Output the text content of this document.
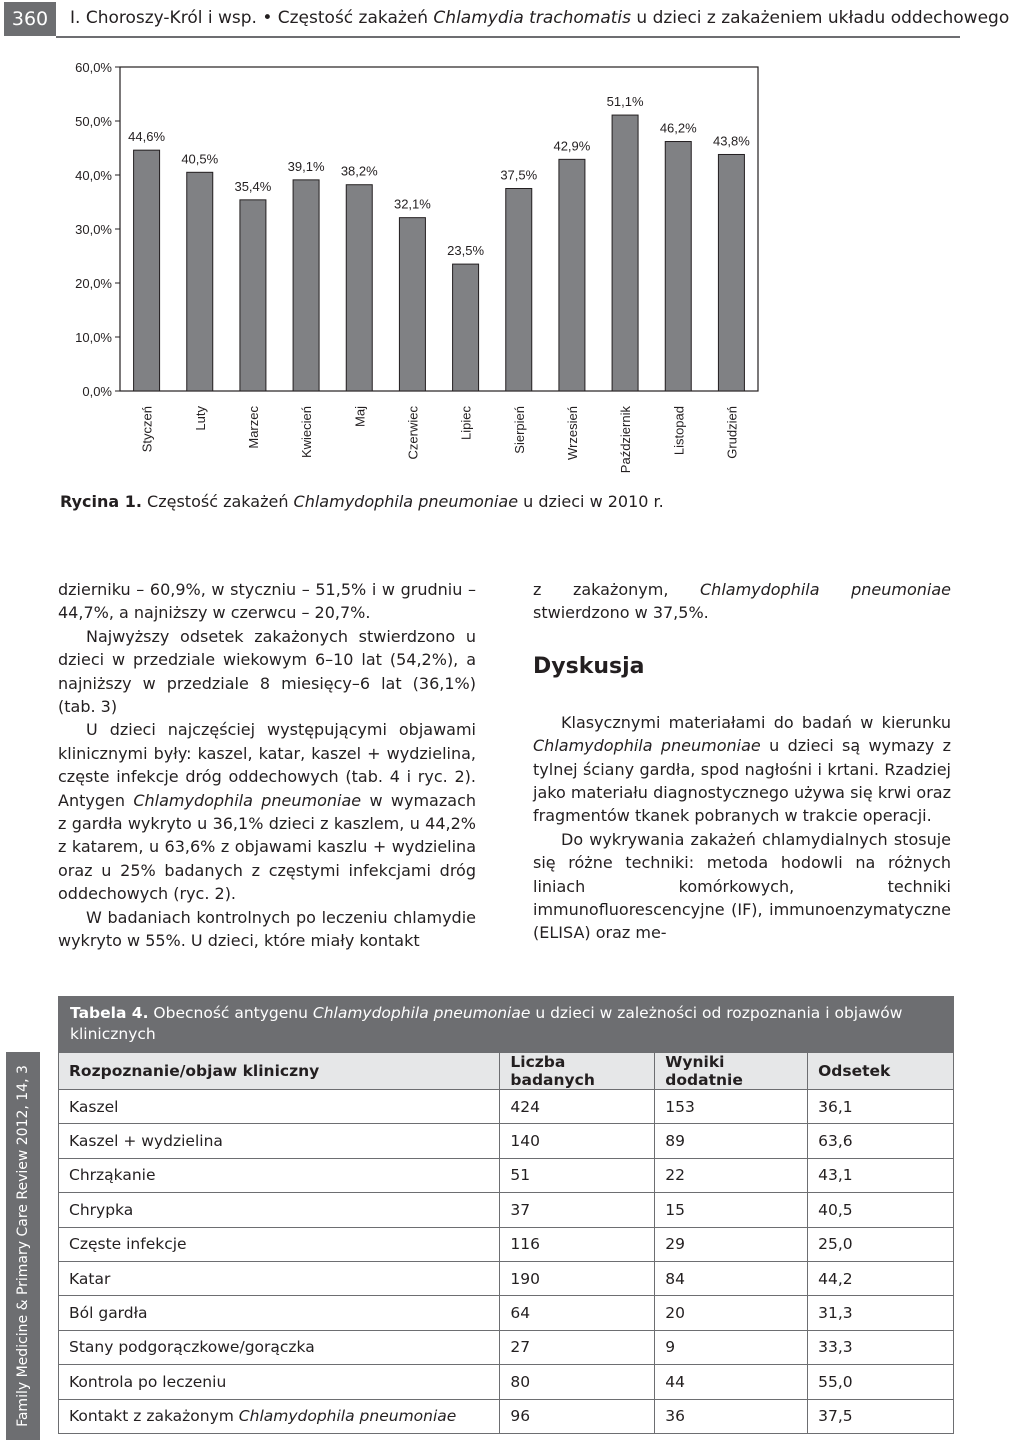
360	I. Choroszy-Król i wsp. • Częstość zakażeń Chlamydia trachomatis u dzieci z zakażeniem układu oddechowego
0,0%
10,0%
20,0%
30,0%
40,0%
50,0%
60,0%
44,6%
Styczeń
40,5%
Luty
35,4%
Marzec
39,1%
Kwiecień
38,2%
Maj
32,1%
Czerwiec
23,5%
Lipiec
37,5%
Sierpień
42,9%
Wrzesień
51,1%
Październik
46,2%
Listopad
43,8%
Grudzień
Rycina 1. Częstość zakażeń Chlamydophila pneumoniae u dzieci w 2010 r.

dzierniku – 60,9%, w styczniu – 51,5% i w grudniu – 44,7%, a najniższy w czerwcu – 20,7%.

Najwyższy odsetek zakażonych stwierdzono u dzieci w przedziale wiekowym 6–10 lat (54,2%), a najniższy w przedziale 8 miesięcy–6 lat (36,1%) (tab. 3)

U dzieci najczęściej występującymi objawami klinicznymi były: kaszel, katar, kaszel + wydzielina, częste infekcje dróg oddechowych (tab. 4 i ryc. 2). Antygen Chlamydophila pneumoniae w wymazach z gardła wykryto u 36,1% dzieci z kaszlem, u 44,2% z katarem, u 63,6% z objawami kaszlu + wydzielina oraz u 25% badanych z częstymi infekcjami dróg oddechowych (ryc. 2).

W badaniach kontrolnych po leczeniu chlamydie wykryto w 55%. U dzieci, które miały kontakt

z zakażonym, Chlamydophila pneumoniae stwierdzono w 37,5%.

Dyskusja

Klasycznymi materiałami do badań w kierunku Chlamydophila pneumoniae u dzieci są wymazy z tylnej ściany gardła, spod nagłośni i krtani. Rzadziej jako materiału diagnostycznego używa się krwi oraz fragmentów tkanek pobranych w trakcie operacji.

Do wykrywania zakażeń chlamydialnych stosuje się różne techniki: metoda hodowli na różnych liniach komórkowych, techniki immunofluorescencyjne (IF), immunoenzymatyczne (ELISA) oraz me-

Family Medicine & Primary Care Review 2012, 14, 3
Tabela 4. Obecność antygenu Chlamydophila pneumoniae u dzieci w zależności od rozpoznania i objawów klinicznych
Rozpoznanie/objaw kliniczny	Liczba badanych	Wyniki dodatnie	Odsetek
Kaszel	424	153	36,1
Kaszel + wydzielina	140	89	63,6
Chrząkanie	51	22	43,1
Chrypka	37	15	40,5
Częste infekcje	116	29	25,0
Katar	190	84	44,2
Ból gardła	64	20	31,3
Stany podgorączkowe/gorączka	27	9	33,3
Kontrola po leczeniu	80	44	55,0
Kontakt z zakażonym Chlamydophila pneumoniae	96	36	37,5
